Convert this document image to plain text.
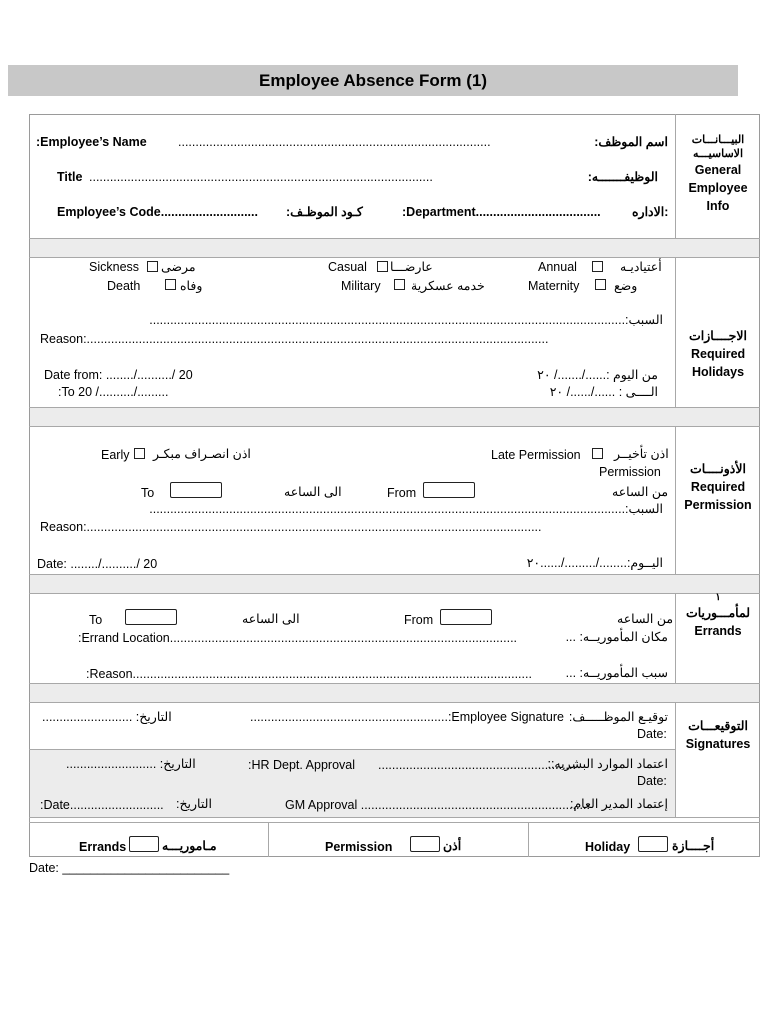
Employee Absence Form (1)
البيـــانـــات الاساسيـــه
General Employee Info
:Employee’s Name	..........................................................................................	اسم الموظف:
Title ...................................................................................................	الوظيفـــــــه:
Employee’s Code............................ كـود الموظـف:	:Department....................................	:الاداره
الاجــــازات
Required Holidays
Sickness مرضى	Casual عارضـــا	Annual	أعتياديـه
Death	وفاه	Military خدمه عسكرية	Maternity	وضع
السبب:.........................................................................................................................................
Reason:.....................................................................................................................................
Date from: ......../........../ 20	من اليوم :....../......./ ٢٠
:To 20 /........../.........	الــــى : ....../....../ ٢٠
الأذونــــات
Required Permission
Early اذن انصـراف مبكـر	Late Permission	اذن تأخيــر
Permission
To	الى الساعه	From	من الساعه
السبب:.........................................................................................................................................
Reason:...................................................................................................................................
Date: ......../........../ 20	اليــوم:......../........./......٢٠
١
لمأمـــوريات
Errands
To	الى الساعه	From	من الساعه
:Errand Location....................................................................................................	مكان المأموريــه: ...
:Reason...................................................................................................................	سبب المأموريــه: ...
التوقيعـــات
Signatures
توقيـع الموظـــــف:
.........................................................:Employee Signature
Date:
التاريخ: ..........................
اعتماد الموارد البشريه::
.........................................................
:HR Dept. Approval
Date:
التاريخ: ..........................
إعتماد المدير العام:
GM Approval ..................................................................
:Date........................... التاريخ:
Errands	مـاموريـــه	Permission	أذن	Holiday	أجــــازة
Date: ________________________
